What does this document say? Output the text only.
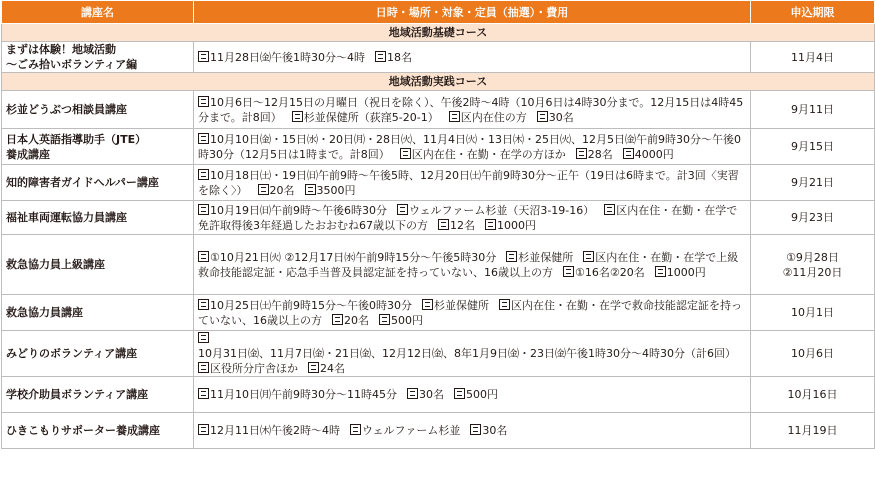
講座名	日時・場所・対象・定員（抽選）・費用	申込期限
地域活動基礎コース		

まずは体験！地域活動
～ごみ拾いボランティア編	11月28日㈮午後1時30分～4時 18名	11月4日

地域活動実践コース		

杉並どうぶつ相談員講座	10月6日～12月15日の月曜日（祝日を除く）、午後2時～4時（10月6日は4時30分まで。12月15日は4時45分まで。計8回） 杉並保健所（荻窪5-20-1） 区内在住の方 30名	9月11日

日本人英語指導助手（JTE）
養成講座	10月10日㈮・15日㈬・20日㈪・28日㈫、11月4日㈫・13日㈭・25日㈫、12月5日㈮午前9時30分～午後0時30分（12月5日は1時まで。計8回） 区内在住・在勤・在学の方ほか 28名 4000円	9月15日

知的障害者ガイドヘルパー講座	10月18日㈯・19日㈰午前9時～午後5時、12月20日㈯午前9時30分～正午（19日は6時まで。計3回〈実習を除く〉） 20名 3500円	9月21日

福祉車両運転協力員講座	10月19日㈰午前9時～午後6時30分 ウェルファーム杉並（天沼3-19-16） 区内在住・在勤・在学で免許取得後3年経過したおおむね67歳以下の方 12名 1000円	9月23日

救急協力員上級講座	①10月21日㈫ ②12月17日㈬午前9時15分～午後5時30分 杉並保健所 区内在住・在勤・在学で上級救命技能認定証・応急手当普及員認定証を持っていない、16歳以上の方 ①16名②20名 1000円	①9月28日
②11月20日

救急協力員講座	10月25日㈯午前9時15分～午後0時30分 杉並保健所 区内在住・在勤・在学で救命技能認定証を持っていない、16歳以上の方 20名 500円	10月1日

みどりのボランティア講座	10月31日㈮、11月7日㈮・21日㈮、12月12日㈮、8年1月9日㈮・23日㈮午後1時30分～4時30分（計6回）区役所分庁舎ほか 24名	10月6日

学校介助員ボランティア講座	11月10日㈪午前9時30分～11時45分 30名 500円	10月16日

ひきこもりサポーター養成講座	12月11日㈭午後2時～4時 ウェルファーム杉並 30名	11月19日
